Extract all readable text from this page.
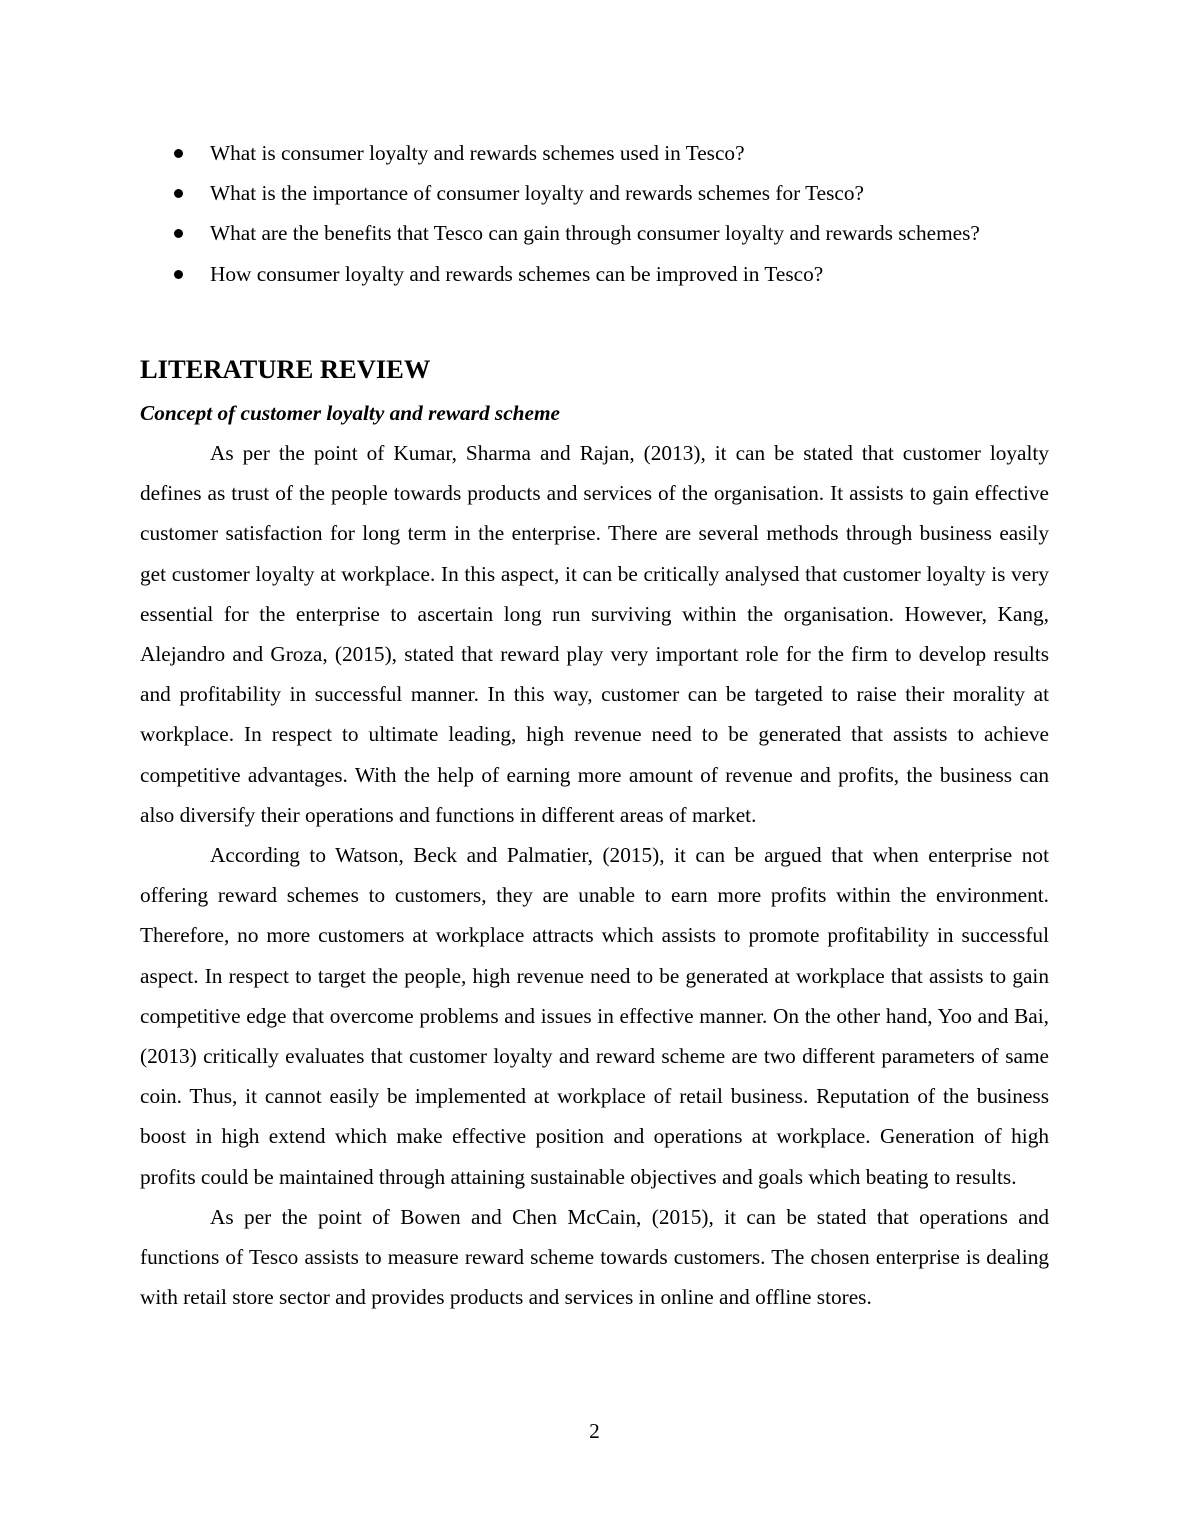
What is consumer loyalty and rewards schemes used in Tesco?
What is the importance of consumer loyalty and rewards schemes for Tesco?
What are the benefits that Tesco can gain through consumer loyalty and rewards schemes?
How consumer loyalty and rewards schemes can be improved in Tesco?
LITERATURE REVIEW
Concept of customer loyalty and reward scheme

As per the point of Kumar, Sharma and Rajan, (2013), it can be stated that customer loyalty defines as trust of the people towards products and services of the organisation. It assists to gain effective customer satisfaction for long term in the enterprise. There are several methods through business easily get customer loyalty at workplace. In this aspect, it can be critically analysed that customer loyalty is very essential for the enterprise to ascertain long run surviving within the organisation. However, Kang, Alejandro and Groza, (2015), stated that reward play very important role for the firm to develop results and profitability in successful manner. In this way, customer can be targeted to raise their morality at workplace. In respect to ultimate leading, high revenue need to be generated that assists to achieve competitive advantages. With the help of earning more amount of revenue and profits, the business can also diversify their operations and functions in different areas of market.

According to Watson, Beck and Palmatier, (2015), it can be argued that when enterprise not offering reward schemes to customers, they are unable to earn more profits within the environment. Therefore, no more customers at workplace attracts which assists to promote profitability in successful aspect. In respect to target the people, high revenue need to be generated at workplace that assists to gain competitive edge that overcome problems and issues in effective manner. On the other hand, Yoo and Bai, (2013) critically evaluates that customer loyalty and reward scheme are two different parameters of same coin. Thus, it cannot easily be implemented at workplace of retail business. Reputation of the business boost in high extend which make effective position and operations at workplace. Generation of high profits could be maintained through attaining sustainable objectives and goals which beating to results.

As per the point of Bowen and Chen McCain, (2015), it can be stated that operations and functions of Tesco assists to measure reward scheme towards customers. The chosen enterprise is dealing with retail store sector and provides products and services in online and offline stores.

2
